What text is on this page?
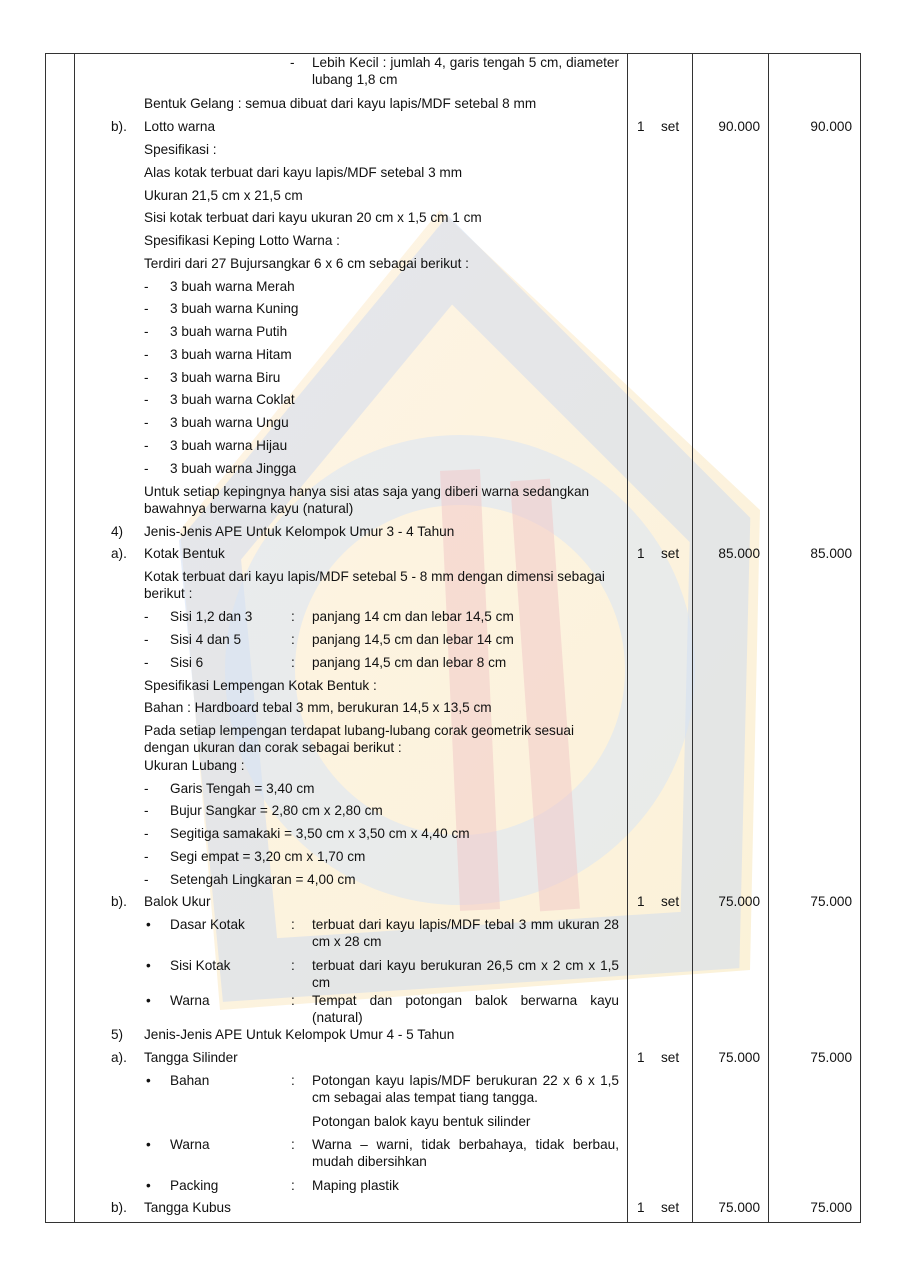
- Lebih Kecil : jumlah 4, garis tengah 5 cm, diameter lubang 1,8 cm
Bentuk Gelang : semua dibuat dari kayu lapis/MDF setebal 8 mm
b). Lotto warna	1 set	90.000	90.000
Spesifikasi :
Alas kotak terbuat dari kayu lapis/MDF setebal 3 mm
Ukuran 21,5 cm x 21,5 cm
Sisi kotak terbuat dari kayu ukuran 20 cm x 1,5 cm 1 cm
Spesifikasi Keping Lotto Warna :
Terdiri dari 27 Bujursangkar 6 x 6 cm sebagai berikut :
- 3 buah warna Merah
- 3 buah warna Kuning
- 3 buah warna Putih
- 3 buah warna Hitam
- 3 buah warna Biru
- 3 buah warna Coklat
- 3 buah warna Ungu
- 3 buah warna Hijau
- 3 buah warna Jingga
Untuk setiap kepingnya hanya sisi atas saja yang diberi warna sedangkan bawahnya berwarna kayu (natural)
4) Jenis-Jenis APE Untuk Kelompok Umur 3 - 4 Tahun
a). Kotak Bentuk	1 set	85.000	85.000
Kotak terbuat dari kayu lapis/MDF setebal 5 - 8 mm dengan dimensi sebagai berikut :
- Sisi 1,2 dan 3	: panjang 14 cm dan lebar 14,5 cm
- Sisi 4 dan 5	: panjang 14,5 cm dan lebar 14 cm
- Sisi 6	: panjang 14,5 cm dan lebar 8 cm
Spesifikasi Lempengan Kotak Bentuk :
Bahan : Hardboard tebal 3 mm, berukuran 14,5 x 13,5 cm
Pada setiap lempengan terdapat lubang-lubang corak geometrik sesuai dengan ukuran dan corak sebagai berikut :
Ukuran Lubang :
- Garis Tengah = 3,40 cm
- Bujur Sangkar = 2,80 cm x 2,80 cm
- Segitiga samakaki = 3,50 cm x 3,50 cm x 4,40 cm
- Segi empat = 3,20 cm x 1,70 cm
- Setengah Lingkaran = 4,00 cm
b). Balok Ukur	1 set	75.000	75.000
• Dasar Kotak	: terbuat dari kayu lapis/MDF tebal 3 mm ukuran 28 cm x 28 cm
• Sisi Kotak	: terbuat dari kayu berukuran 26,5 cm x 2 cm x 1,5 cm
• Warna	: Tempat dan potongan balok berwarna kayu (natural)
5) Jenis-Jenis APE Untuk Kelompok Umur 4 - 5 Tahun
a). Tangga Silinder	1 set	75.000	75.000
• Bahan	: Potongan kayu lapis/MDF berukuran 22 x 6 x 1,5 cm sebagai alas tempat tiang tangga.
Potongan balok kayu bentuk silinder
• Warna	: Warna – warni, tidak berbahaya, tidak berbau, mudah dibersihkan
• Packing	: Maping plastik
b). Tangga Kubus	1 set	75.000	75.000
